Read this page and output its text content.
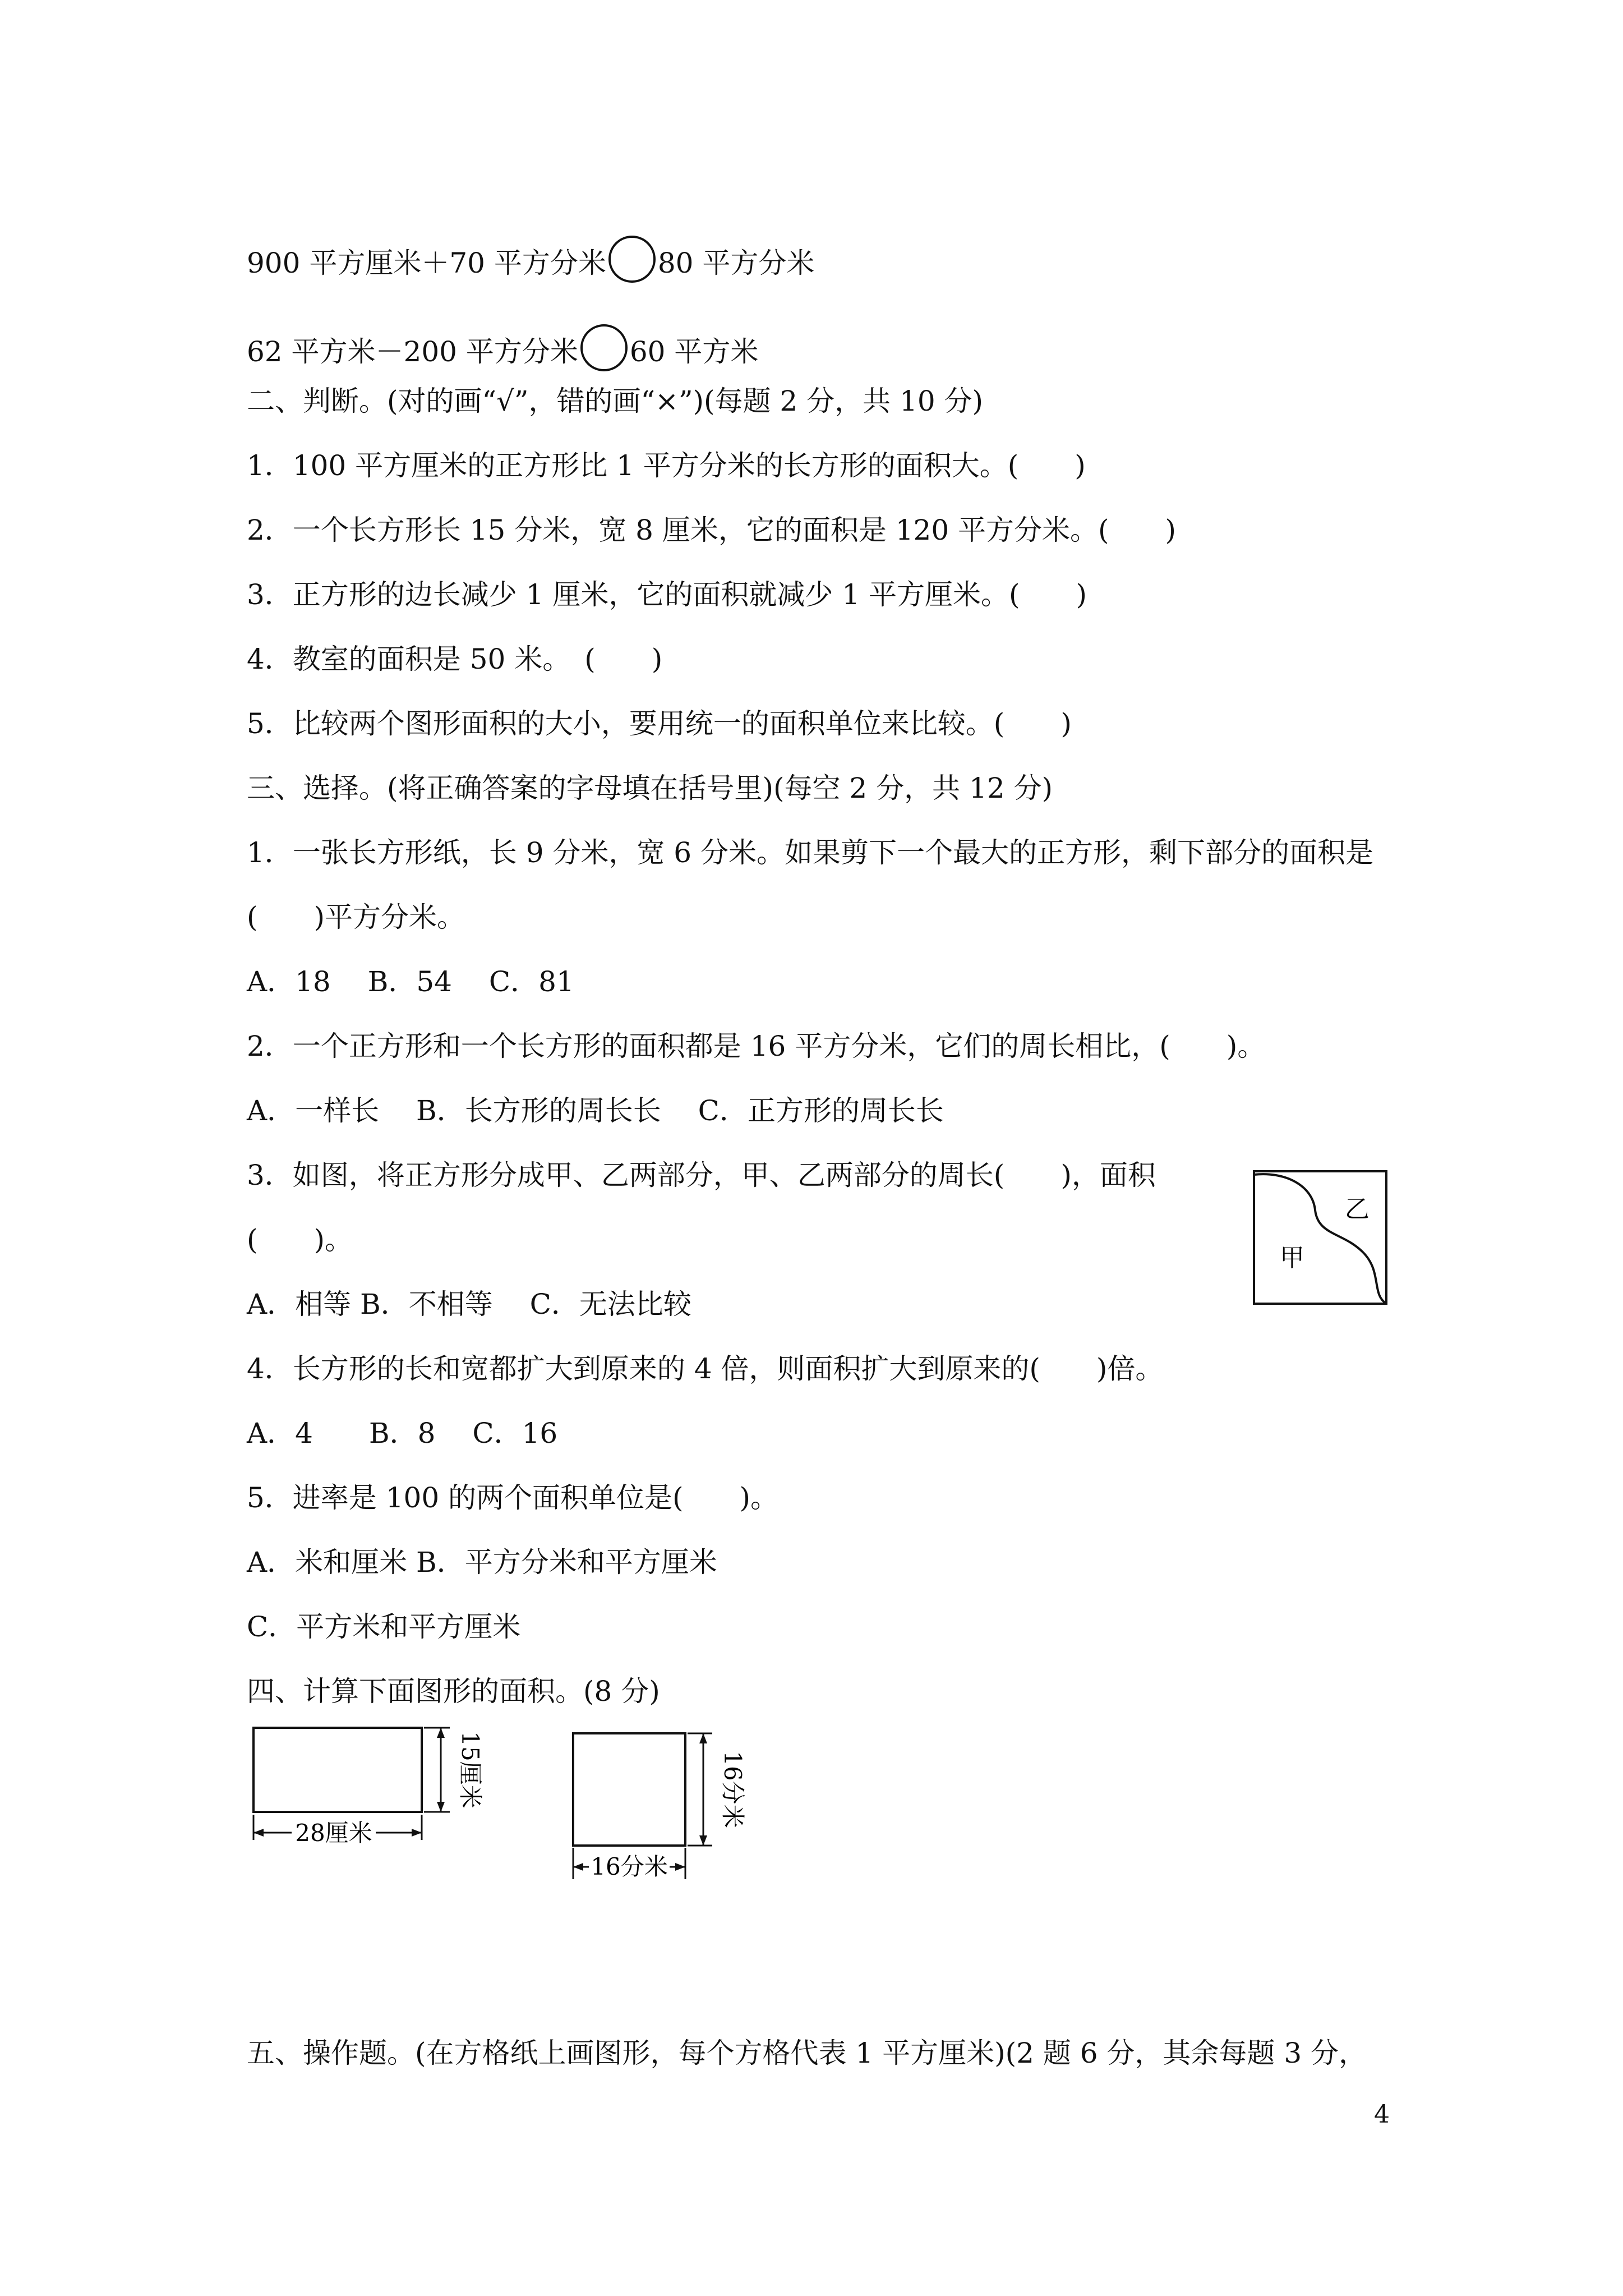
900 平方厘米＋70 平方分米 80 平方分米
62 平方米－200 平方分米 60 平方米
二、判断。(对的画“√”，错的画“×”)(每题 2 分，共 10 分)
1．100 平方厘米的正方形比 1 平方分米的长方形的面积大。(　　)
2．一个长方形长 15 分米，宽 8 厘米，它的面积是 120 平方分米。(　　)
3．正方形的边长减少 1 厘米，它的面积就减少 1 平方厘米。(　　)
4．教室的面积是 50 米。　(　　)
5．比较两个图形面积的大小，要用统一的面积单位来比较。(　　)
三、选择。(将正确答案的字母填在括号里)(每空 2 分，共 12 分)
1．一张长方形纸，长 9 分米，宽 6 分米。如果剪下一个最大的正方形，剩下部分的面积是
(　　)平方分米。
A．18　 B．54　 C．81
2．一个正方形和一个长方形的面积都是 16 平方分米，它们的周长相比，(　　)。
A．一样长　 B．长方形的周长长　 C．正方形的周长长
3．如图，将正方形分成甲、乙两部分，甲、乙两部分的周长(　　)，面积
(　　)。
A．相等 B．不相等　 C．无法比较
4．长方形的长和宽都扩大到原来的 4 倍，则面积扩大到原来的(　　)倍。
A．4　　B．8　 C．16
5．进率是 100 的两个面积单位是(　　)。
A．米和厘米 B．平方分米和平方厘米
C．平方米和平方厘米
甲
乙
四、计算下面图形的面积。(8 分)
28厘米
15厘米
16分米
16分米
五、操作题。(在方格纸上画图形，每个方格代表 1 平方厘米)(2 题 6 分，其余每题 3 分，
4
